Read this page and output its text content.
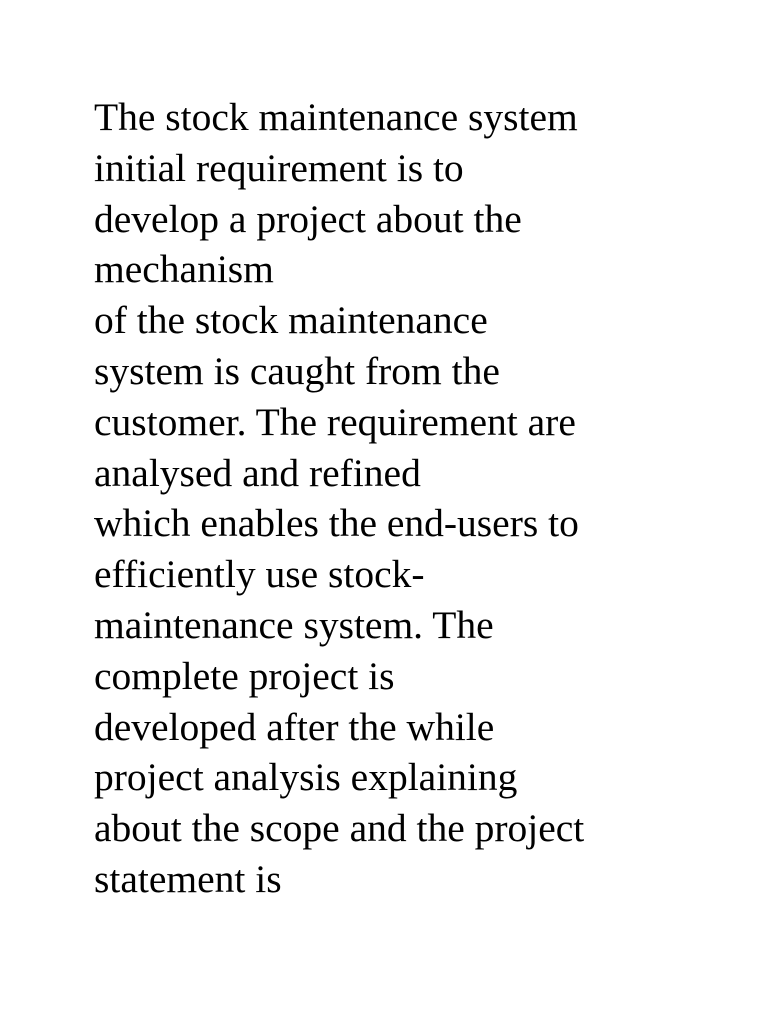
The stock maintenance system
initial requirement is to
develop a project about the
mechanism
of the stock maintenance
system is caught from the
customer. The requirement are
analysed and refined
which enables the end-users to
efficiently use stock-
maintenance system. The
complete project is
developed after the while
project analysis explaining
about the scope and the project
statement is
